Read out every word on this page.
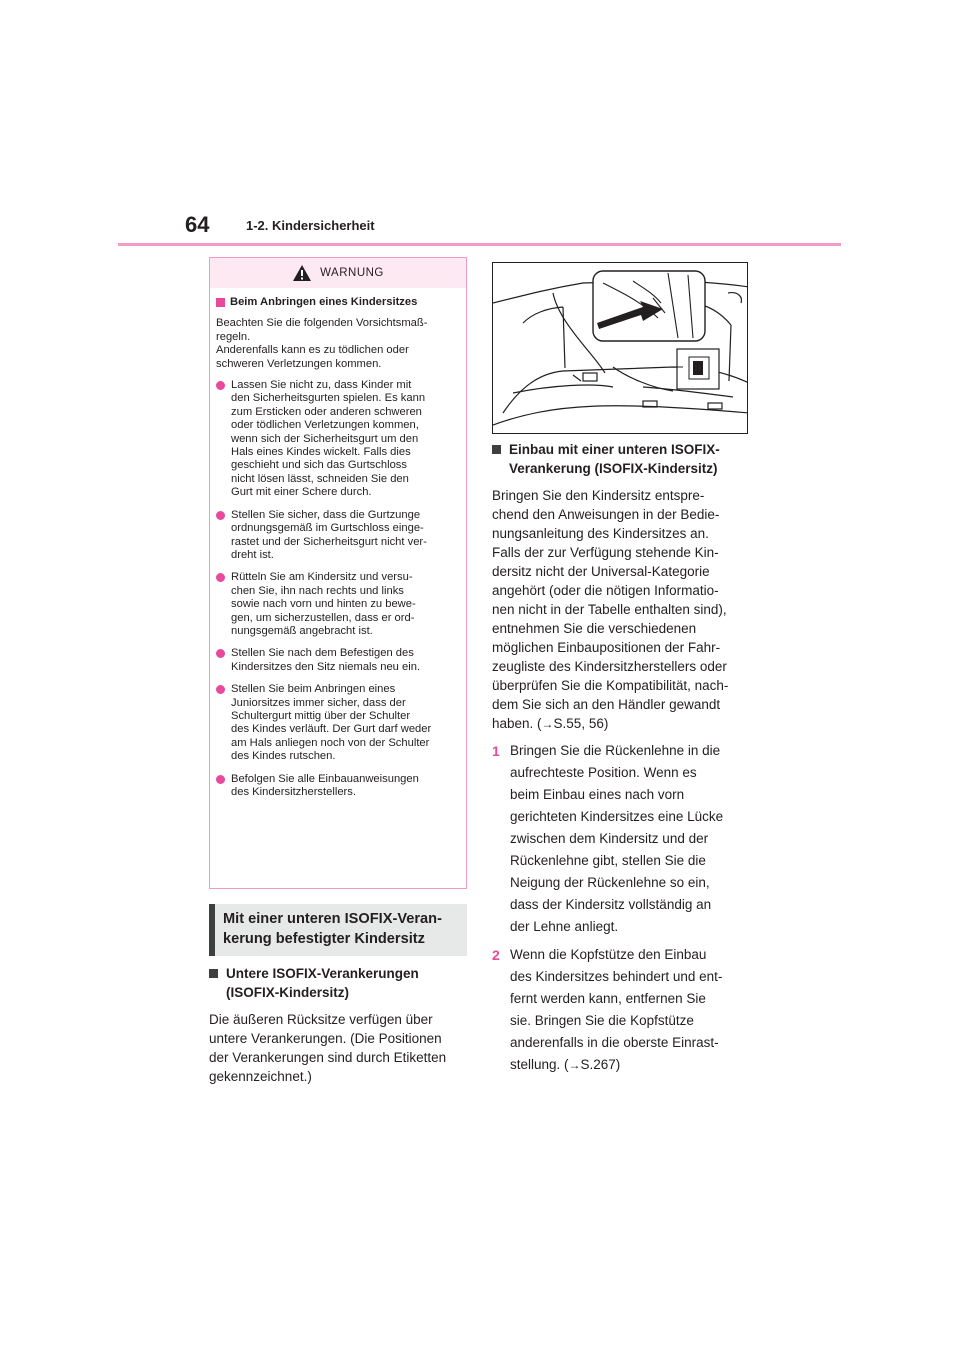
64	1-2. Kindersicherheit
WARNUNG
Beim Anbringen eines Kindersitzes
Beachten Sie die folgenden Vorsichtsmaß-
regeln.
Anderenfalls kann es zu tödlichen oder
schweren Verletzungen kommen.
Lassen Sie nicht zu, dass Kinder mit
den Sicherheitsgurten spielen. Es kann
zum Ersticken oder anderen schweren
oder tödlichen Verletzungen kommen,
wenn sich der Sicherheitsgurt um den
Hals eines Kindes wickelt. Falls dies
geschieht und sich das Gurtschloss
nicht lösen lässt, schneiden Sie den
Gurt mit einer Schere durch.
Stellen Sie sicher, dass die Gurtzunge
ordnungsgemäß im Gurtschloss einge-
rastet und der Sicherheitsgurt nicht ver-
dreht ist.
Rütteln Sie am Kindersitz und versu-
chen Sie, ihn nach rechts und links
sowie nach vorn und hinten zu bewe-
gen, um sicherzustellen, dass er ord-
nungsgemäß angebracht ist.
Stellen Sie nach dem Befestigen des
Kindersitzes den Sitz niemals neu ein.
Stellen Sie beim Anbringen eines
Juniorsitzes immer sicher, dass der
Schultergurt mittig über der Schulter
des Kindes verläuft. Der Gurt darf weder
am Hals anliegen noch von der Schulter
des Kindes rutschen.
Befolgen Sie alle Einbauanweisungen
des Kindersitzherstellers.
Mit einer unteren ISOFIX-Veran-
kerung befestigter Kindersitz
Untere ISOFIX-Verankerungen
(ISOFIX-Kindersitz)
Die äußeren Rücksitze verfügen über
untere Verankerungen. (Die Positionen
der Verankerungen sind durch Etiketten
gekennzeichnet.)
Einbau mit einer unteren ISOFIX-
Verankerung (ISOFIX-Kindersitz)
Bringen Sie den Kindersitz entspre-
chend den Anweisungen in der Bedie-
nungsanleitung des Kindersitzes an.
Falls der zur Verfügung stehende Kin-
dersitz nicht der Universal-Kategorie
angehört (oder die nötigen Informatio-
nen nicht in der Tabelle enthalten sind),
entnehmen Sie die verschiedenen
möglichen Einbaupositionen der Fahr-
zeugliste des Kindersitzherstellers oder
überprüfen Sie die Kompatibilität, nach-
dem Sie sich an den Händler gewandt
haben. (→S.55, 56)
1 Bringen Sie die Rückenlehne in die
aufrechteste Position. Wenn es
beim Einbau eines nach vorn
gerichteten Kindersitzes eine Lücke
zwischen dem Kindersitz und der
Rückenlehne gibt, stellen Sie die
Neigung der Rückenlehne so ein,
dass der Kindersitz vollständig an
der Lehne anliegt.
2 Wenn die Kopfstütze den Einbau
des Kindersitzes behindert und ent-
fernt werden kann, entfernen Sie
sie. Bringen Sie die Kopfstütze
anderenfalls in die oberste Einrast-
stellung. (→S.267)
